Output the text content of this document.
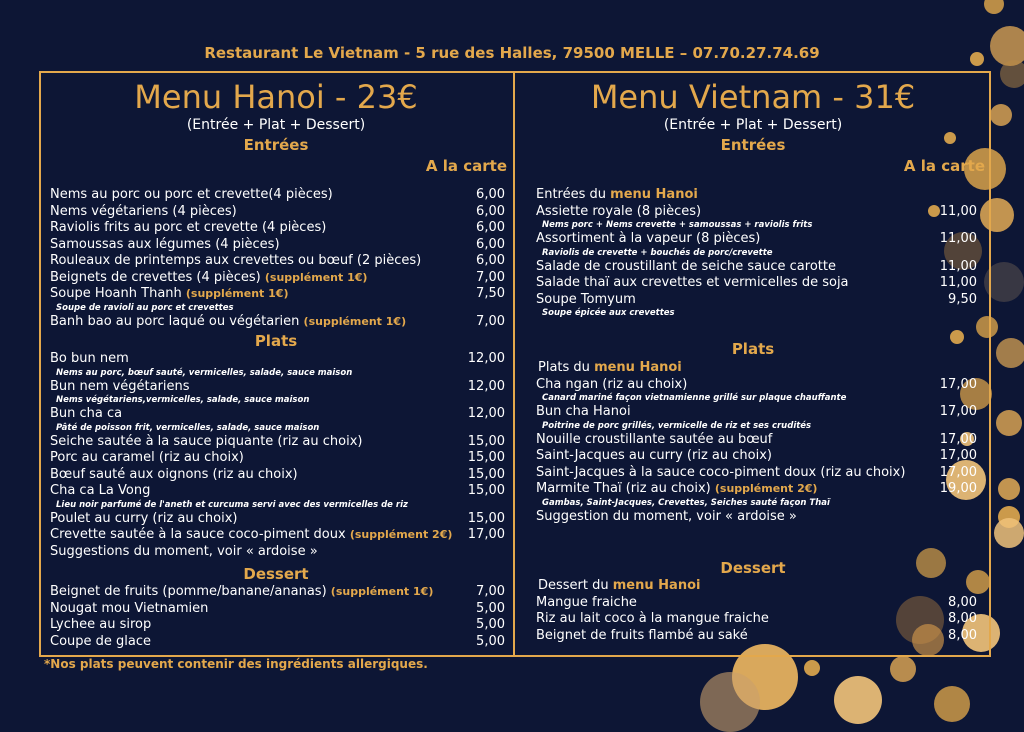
Restaurant Le Vietnam - 5 rue des Halles, 79500 MELLE – 07.70.27.74.69
Menu Hanoi - 23€
(Entrée + Plat + Dessert)
Entrées
A la carte
Nems au porc ou porc et crevette(4 pièces)	6,00
Nems végétariens (4 pièces)	6,00
Raviolis frits au porc et crevette (4 pièces)	6,00
Samoussas aux légumes (4 pièces)	6,00
Rouleaux de printemps aux crevettes ou bœuf (2 pièces)	6,00
Beignets de crevettes (4 pièces) (supplément 1€)	7,00
Soupe Hoanh Thanh (supplément 1€)	7,50
Soupe de ravioli au porc et crevettes
Banh bao au porc laqué ou végétarien (supplément 1€)	7,00
Plats
Bo bun nem	12,00
Nems au porc, bœuf sauté, vermicelles, salade, sauce maison
Bun nem végétariens	12,00
Nems végétariens,vermicelles, salade, sauce maison
Bun cha ca	12,00
Pâté de poisson frit, vermicelles, salade, sauce maison
Seiche sautée à la sauce piquante (riz au choix)	15,00
Porc au caramel (riz au choix)	15,00
Bœuf sauté aux oignons (riz au choix)	15,00
Cha ca La Vong	15,00
Lieu noir parfumé de l'aneth et curcuma servi avec des vermicelles de riz
Poulet au curry (riz au choix)	15,00
Crevette sautée à la sauce coco-piment doux (supplément 2€) 17,00
Suggestions du moment, voir « ardoise »
Dessert
Beignet de fruits (pomme/banane/ananas) (supplément 1€)	7,00
Nougat mou Vietnamien	5,00
Lychee au sirop	5,00
Coupe de glace	5,00
Menu Vietnam - 31€
(Entrée + Plat + Dessert)
Entrées
A la carte
Entrées du menu Hanoi
Assiette royale (8 pièces)	11,00
Nems porc + Nems crevette + samoussas + raviolis frits
Assortiment à la vapeur (8 pièces)	11,00
Raviolis de crevette + bouchés de porc/crevette
Salade de croustillant de seiche sauce carotte	11,00
Salade thaï aux crevettes et vermicelles de soja	11,00
Soupe Tomyum	9,50
Soupe épicée aux crevettes
Plats
Plats du menu Hanoi
Cha ngan (riz au choix)	17,00
Canard mariné façon vietnamienne grillé sur plaque chauffante
Bun cha Hanoi	17,00
Poitrine de porc grillés, vermicelle de riz et ses crudités
Nouille croustillante sautée au bœuf	17,00
Saint-Jacques au curry (riz au choix)	17,00
Saint-Jacques à la sauce coco-piment doux (riz au choix)	17,00
Marmite Thaï (riz au choix) (supplément 2€)	19,00
Gambas, Saint-Jacques, Crevettes, Seiches sauté façon Thaï
Suggestion du moment, voir « ardoise »
Dessert
Dessert du menu Hanoi
Mangue fraiche	8,00
Riz au lait coco à la mangue fraiche	8,00
Beignet de fruits flambé au saké	8,00
*Nos plats peuvent contenir des ingrédients allergiques.
